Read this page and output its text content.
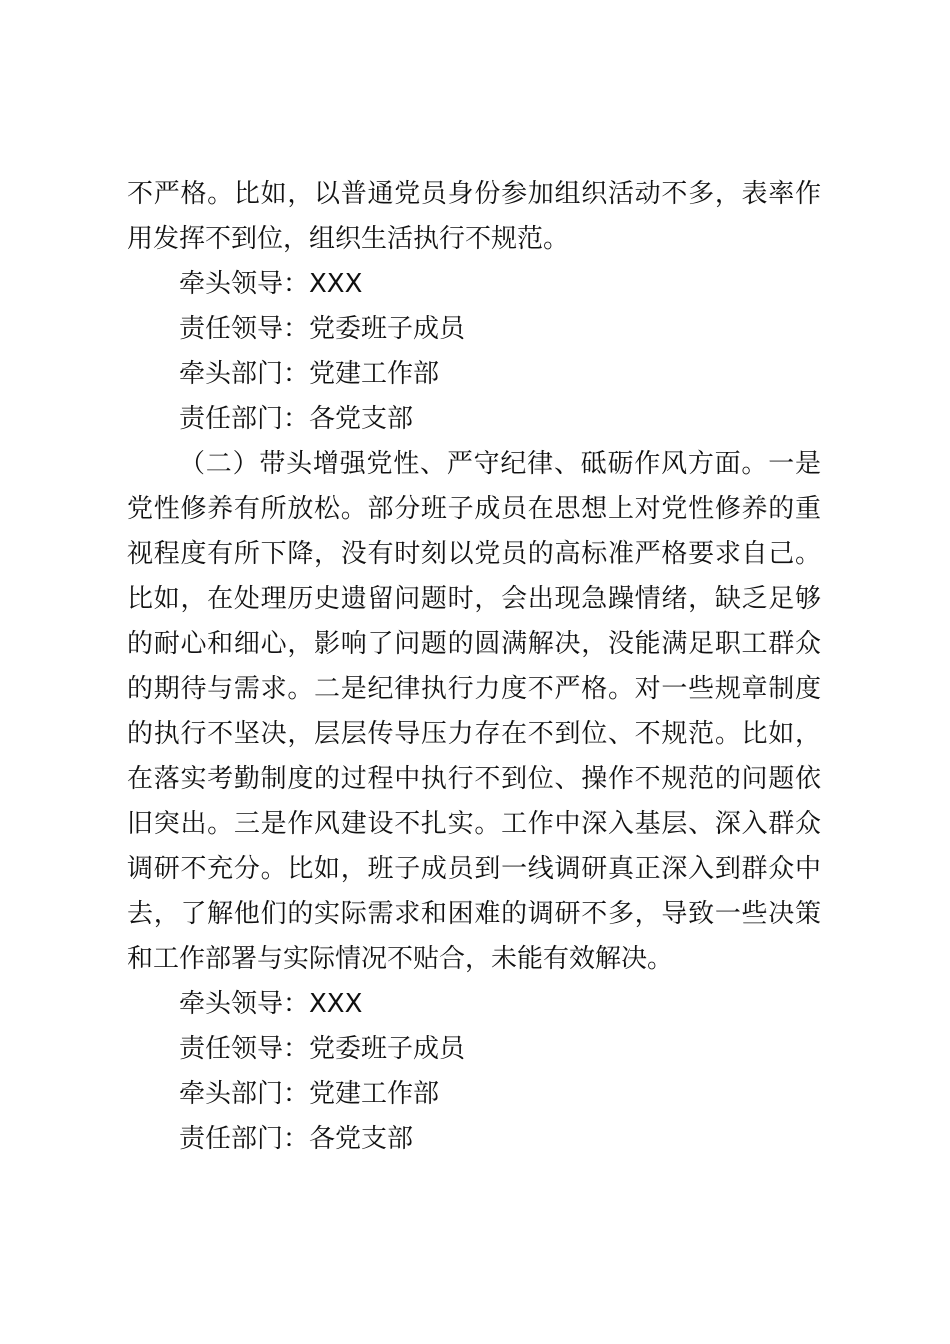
不严格。比如，以普通党员身份参加组织活动不多，表率作用发挥不到位，组织生活执行不规范。

牵头领导：XXX

责任领导：党委班子成员

牵头部门：党建工作部

责任部门：各党支部

（二）带头增强党性、严守纪律、砥砺作风方面。一是党性修养有所放松。部分班子成员在思想上对党性修养的重视程度有所下降，没有时刻以党员的高标准严格要求自己。比如，在处理历史遗留问题时，会出现急躁情绪，缺乏足够的耐心和细心，影响了问题的圆满解决，没能满足职工群众的期待与需求。二是纪律执行力度不严格。对一些规章制度的执行不坚决，层层传导压力存在不到位、不规范。比如，在落实考勤制度的过程中执行不到位、操作不规范的问题依旧突出。三是作风建设不扎实。工作中深入基层、深入群众调研不充分。比如，班子成员到一线调研真正深入到群众中去，了解他们的实际需求和困难的调研不多，导致一些决策和工作部署与实际情况不贴合，未能有效解决。

牵头领导：XXX

责任领导：党委班子成员

牵头部门：党建工作部

责任部门：各党支部
